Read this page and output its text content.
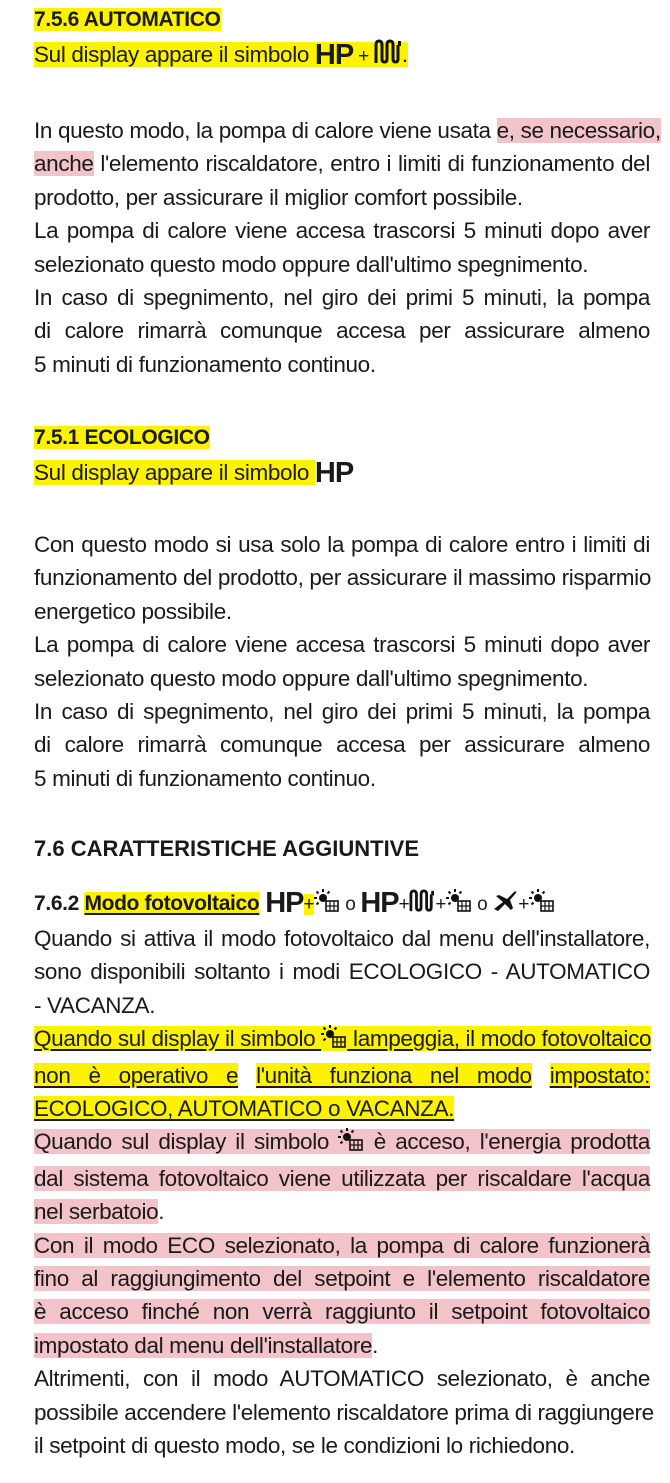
7.5.6 AUTOMATICO
Sul display appare il simbolo HP + .
In questo modo, la pompa di calore viene usata e, se necessario,
anche l'elemento riscaldatore, entro i limiti di funzionamento del
prodotto, per assicurare il miglior comfort possibile.
La pompa di calore viene accesa trascorsi 5 minuti dopo aver
selezionato questo modo oppure dall'ultimo spegnimento.
In caso di spegnimento, nel giro dei primi 5 minuti, la pompa
di calore rimarrà comunque accesa per assicurare almeno
5 minuti di funzionamento continuo.
7.5.1 ECOLOGICO
Sul display appare il simbolo HP
Con questo modo si usa solo la pompa di calore entro i limiti di
funzionamento del prodotto, per assicurare il massimo risparmio
energetico possibile.
La pompa di calore viene accesa trascorsi 5 minuti dopo aver
selezionato questo modo oppure dall'ultimo spegnimento.
In caso di spegnimento, nel giro dei primi 5 minuti, la pompa
di calore rimarrà comunque accesa per assicurare almeno
5 minuti di funzionamento continuo.
7.6 CARATTERISTICHE AGGIUNTIVE
7.6.2 Modo fotovoltaico HP+ o HP+ + o +
Quando si attiva il modo fotovoltaico dal menu dell'installatore,
sono disponibili soltanto i modi ECOLOGICO - AUTOMATICO
- VACANZA.
Quando sul display il simbolo  lampeggia, il modo fotovoltaico
non è operativo e l'unità funziona nel modo impostato:
ECOLOGICO, AUTOMATICO o VACANZA.
Quando sul display il simbolo  è acceso, l'energia prodotta
dal sistema fotovoltaico viene utilizzata per riscaldare l'acqua
nel serbatoio.
Con il modo ECO selezionato, la pompa di calore funzionerà
fino al raggiungimento del setpoint e l'elemento riscaldatore
è acceso finché non verrà raggiunto il setpoint fotovoltaico
impostato dal menu dell'installatore.
Altrimenti, con il modo AUTOMATICO selezionato, è anche
possibile accendere l'elemento riscaldatore prima di raggiungere
il setpoint di questo modo, se le condizioni lo richiedono.
